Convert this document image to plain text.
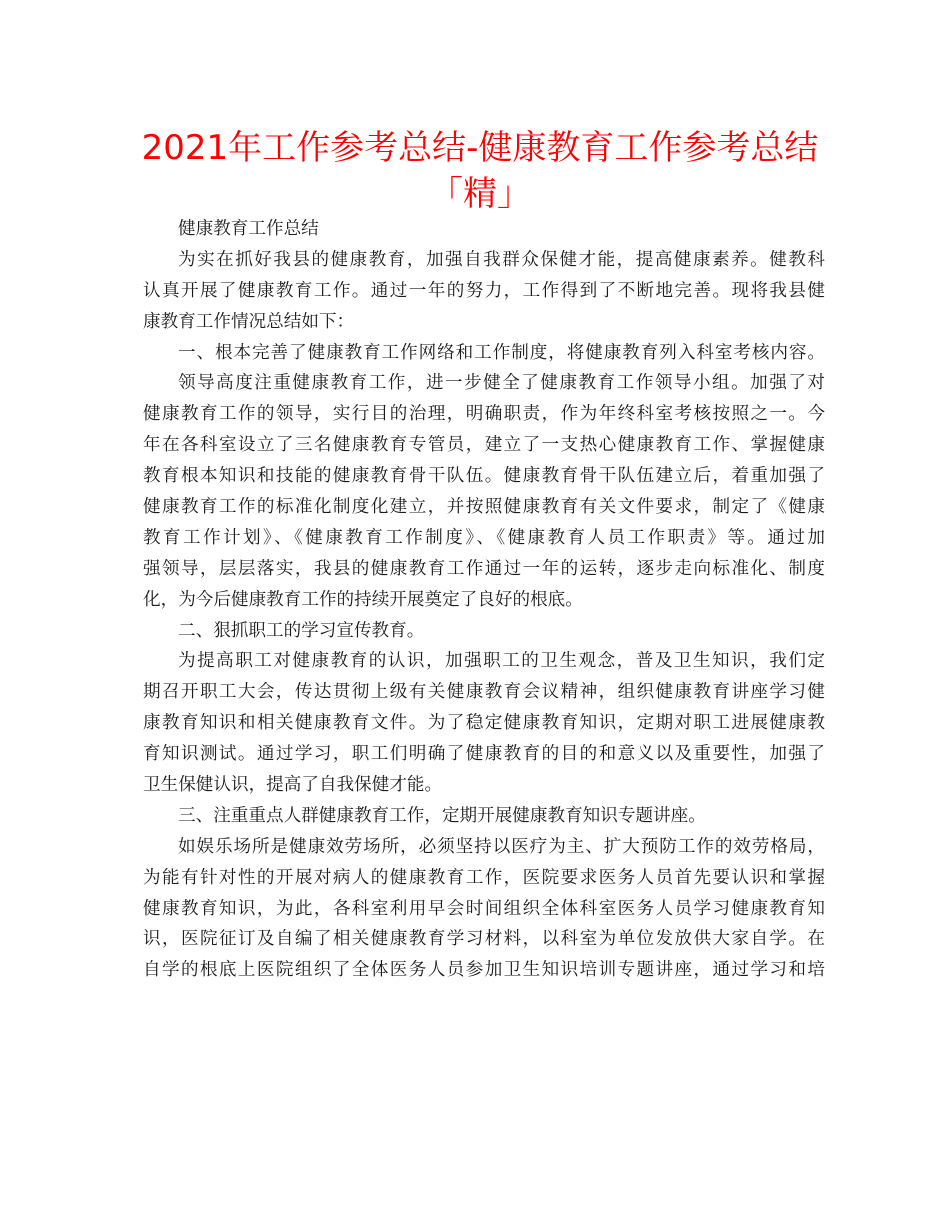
2021年工作参考总结-健康教育工作参考总结
「精」
健康教育工作总结
为实在抓好我县的健康教育，加强自我群众保健才能，提高健康素养。健教科
认真开展了健康教育工作。通过一年的努力，工作得到了不断地完善。现将我县健
康教育工作情况总结如下：
一、根本完善了健康教育工作网络和工作制度，将健康教育列入科室考核内容。
领导高度注重健康教育工作，进一步健全了健康教育工作领导小组。加强了对
健康教育工作的领导，实行目的治理，明确职责，作为年终科室考核按照之一。今
年在各科室设立了三名健康教育专管员，建立了一支热心健康教育工作、掌握健康
教育根本知识和技能的健康教育骨干队伍。健康教育骨干队伍建立后，着重加强了
健康教育工作的标准化制度化建立，并按照健康教育有关文件要求，制定了《健康
教育工作计划》、《健康教育工作制度》、《健康教育人员工作职责》等。通过加
强领导，层层落实，我县的健康教育工作通过一年的运转，逐步走向标准化、制度
化，为今后健康教育工作的持续开展奠定了良好的根底。
二、狠抓职工的学习宣传教育。
为提高职工对健康教育的认识，加强职工的卫生观念，普及卫生知识，我们定
期召开职工大会，传达贯彻上级有关健康教育会议精神，组织健康教育讲座学习健
康教育知识和相关健康教育文件。为了稳定健康教育知识，定期对职工进展健康教
育知识测试。通过学习，职工们明确了健康教育的目的和意义以及重要性，加强了
卫生保健认识，提高了自我保健才能。
三、注重重点人群健康教育工作，定期开展健康教育知识专题讲座。
如娱乐场所是健康效劳场所，必须坚持以医疗为主、扩大预防工作的效劳格局，
为能有针对性的开展对病人的健康教育工作，医院要求医务人员首先要认识和掌握
健康教育知识，为此，各科室利用早会时间组织全体科室医务人员学习健康教育知
识，医院征订及自编了相关健康教育学习材料，以科室为单位发放供大家自学。在
自学的根底上医院组织了全体医务人员参加卫生知识培训专题讲座，通过学习和培
